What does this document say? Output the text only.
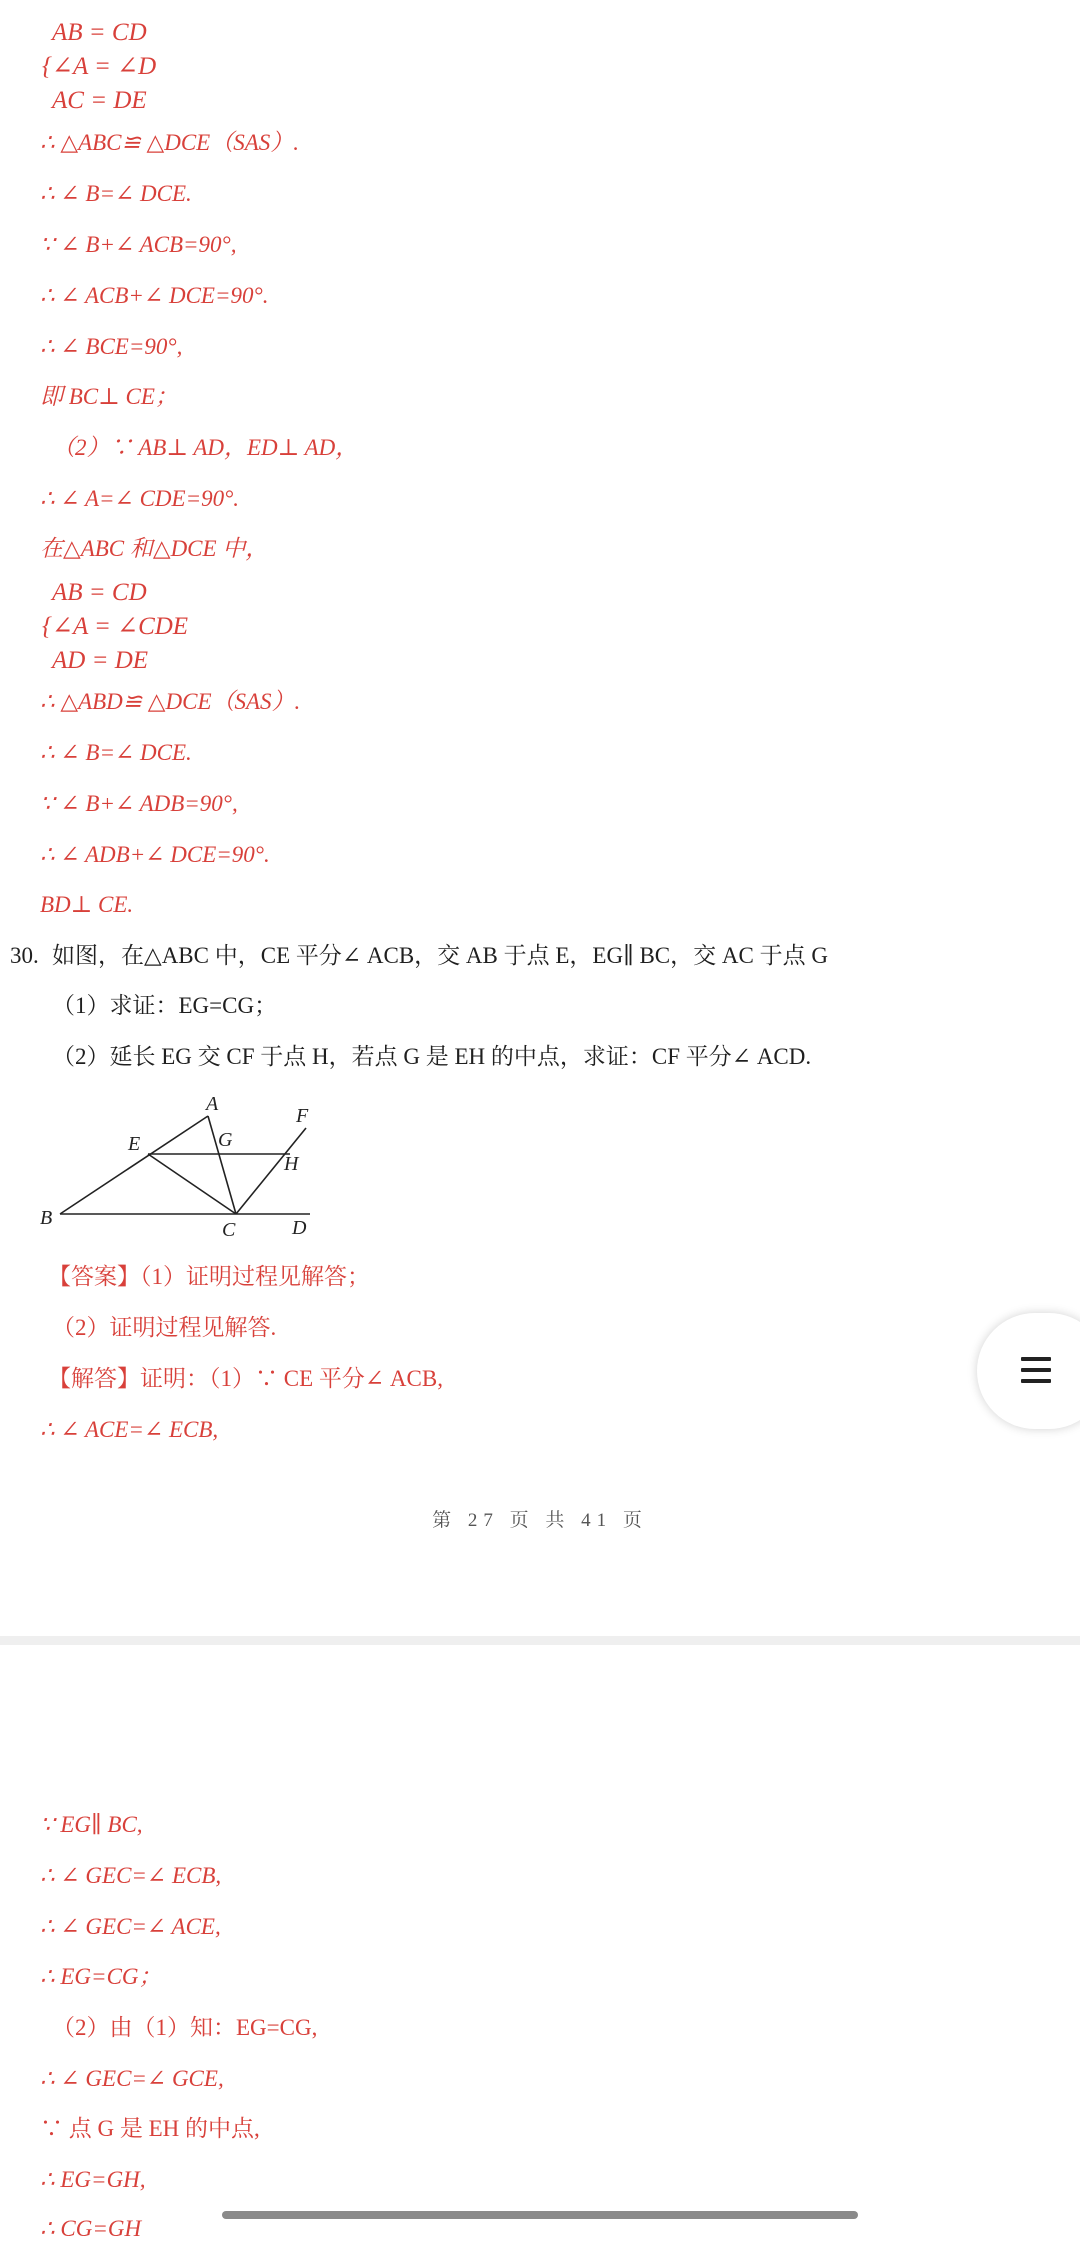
AB = CD
{∠A = ∠D
AC = DE
∴ △ABC≌ △DCE（SAS）.
∴ ∠ B=∠ DCE.
∵ ∠ B+∠ ACB=90°,
∴ ∠ ACB+∠ DCE=90°.
∴ ∠ BCE=90°,
即 BC⊥ CE；
（2）∵ AB⊥ AD，ED⊥ AD，
∴ ∠ A=∠ CDE=90°.
在△ABC 和△DCE 中，
AB = CD
{∠A = ∠CDE
AD = DE
∴ △ABD≌ △DCE（SAS）.
∴ ∠ B=∠ DCE.
∵ ∠ B+∠ ADB=90°,
∴ ∠ ADB+∠ DCE=90°.
BD⊥ CE.
30. 如图，在△ABC 中，CE 平分∠ ACB，交 AB 于点 E，EG∥ BC，交 AC 于点 G
（1）求证：EG=CG；
（2）延长 EG 交 CF 于点 H，若点 G 是 EH 的中点，求证：CF 平分∠ ACD.
A
B
C	D
E
F
G
H
【答案】（1）证明过程见解答；
（2）证明过程见解答.
【解答】证明：（1）∵ CE 平分∠ ACB,
∴ ∠ ACE=∠ ECB,
第 27 页 共 41 页
∵ EG∥ BC,
∴ ∠ GEC=∠ ECB,
∴ ∠ GEC=∠ ACE,
∴ EG=CG；
（2）由（1）知：EG=CG,
∴ ∠ GEC=∠ GCE,
∵ 点 G 是 EH 的中点,
∴ EG=GH,
∴ CG=GH
